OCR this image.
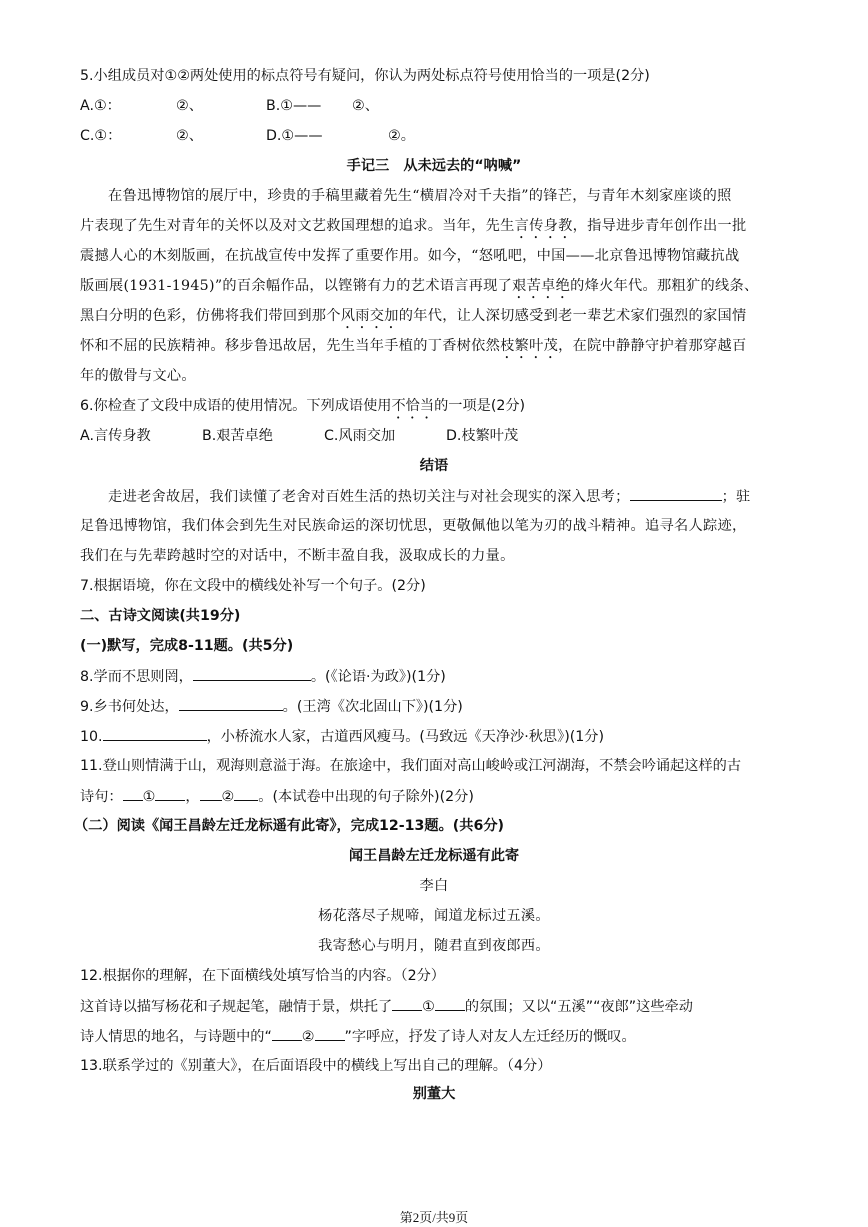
5.小组成员对①②两处使用的标点符号有疑问，你认为两处标点符号使用恰当的一项是(2分)
A.①：	②、	B.①—— ②、
C.①：	②、	D.①——	②。
手记三　从未远去的“呐喊”
在鲁迅博物馆的展厅中，珍贵的手稿里藏着先生“横眉冷对千夫指”的锋芒，与青年木刻家座谈的照
片表现了先生对青年的关怀以及对文艺救国理想的追求。当年，先生言传身教，指导进步青年创作出一批
震撼人心的木刻版画，在抗战宣传中发挥了重要作用。如今，“怒吼吧，中国——北京鲁迅博物馆藏抗战
版画展(1931-1945)”的百余幅作品，以铿锵有力的艺术语言再现了艰苦卓绝的烽火年代。那粗犷的线条、
黑白分明的色彩，仿佛将我们带回到那个风雨交加的年代，让人深切感受到老一辈艺术家们强烈的家国情
怀和不屈的民族精神。移步鲁迅故居，先生当年手植的丁香树依然枝繁叶茂，在院中静静守护着那穿越百
年的傲骨与文心。
6.你检查了文段中成语的使用情况。下列成语使用不恰当的一项是(2分)
A.言传身教	B.艰苦卓绝	C.风雨交加	D.枝繁叶茂
结语
走进老舍故居，我们读懂了老舍对百姓生活的热切关注与对社会现实的深入思考；	；驻
足鲁迅博物馆，我们体会到先生对民族命运的深切忧思，更敬佩他以笔为刃的战斗精神。追寻名人踪迹，
我们在与先辈跨越时空的对话中，不断丰盈自我，汲取成长的力量。
7.根据语境，你在文段中的横线处补写一个句子。(2分)
二、古诗文阅读(共19分)
(一)默写，完成8-11题。(共5分)
8.学而不思则罔，	。(《论语·为政》)(1分)
9.乡书何处达，	。(王湾《次北固山下》)(1分)
10.	，小桥流水人家，古道西风瘦马。(马致远《天净沙·秋思》)(1分)
11.登山则情满于山，观海则意溢于海。在旅途中，我们面对高山峻岭或江河湖海，不禁会吟诵起这样的古
诗句： ① ， ② 。(本试卷中出现的句子除外)(2分)
（二）阅读《闻王昌龄左迁龙标遥有此寄》，完成12-13题。(共6分)
闻王昌龄左迁龙标遥有此寄
李白
杨花落尽子规啼，闻道龙标过五溪。
我寄愁心与明月，随君直到夜郎西。
12.根据你的理解，在下面横线处填写恰当的内容。（2分）
这首诗以描写杨花和子规起笔，融情于景，烘托了 ① 的氛围；又以“五溪”“夜郎”这些牵动
诗人情思的地名，与诗题中的“ ② ”字呼应，抒发了诗人对友人左迁经历的慨叹。
13.联系学过的《别董大》，在后面语段中的横线上写出自己的理解。（4分）
别董大
第2页/共9页
